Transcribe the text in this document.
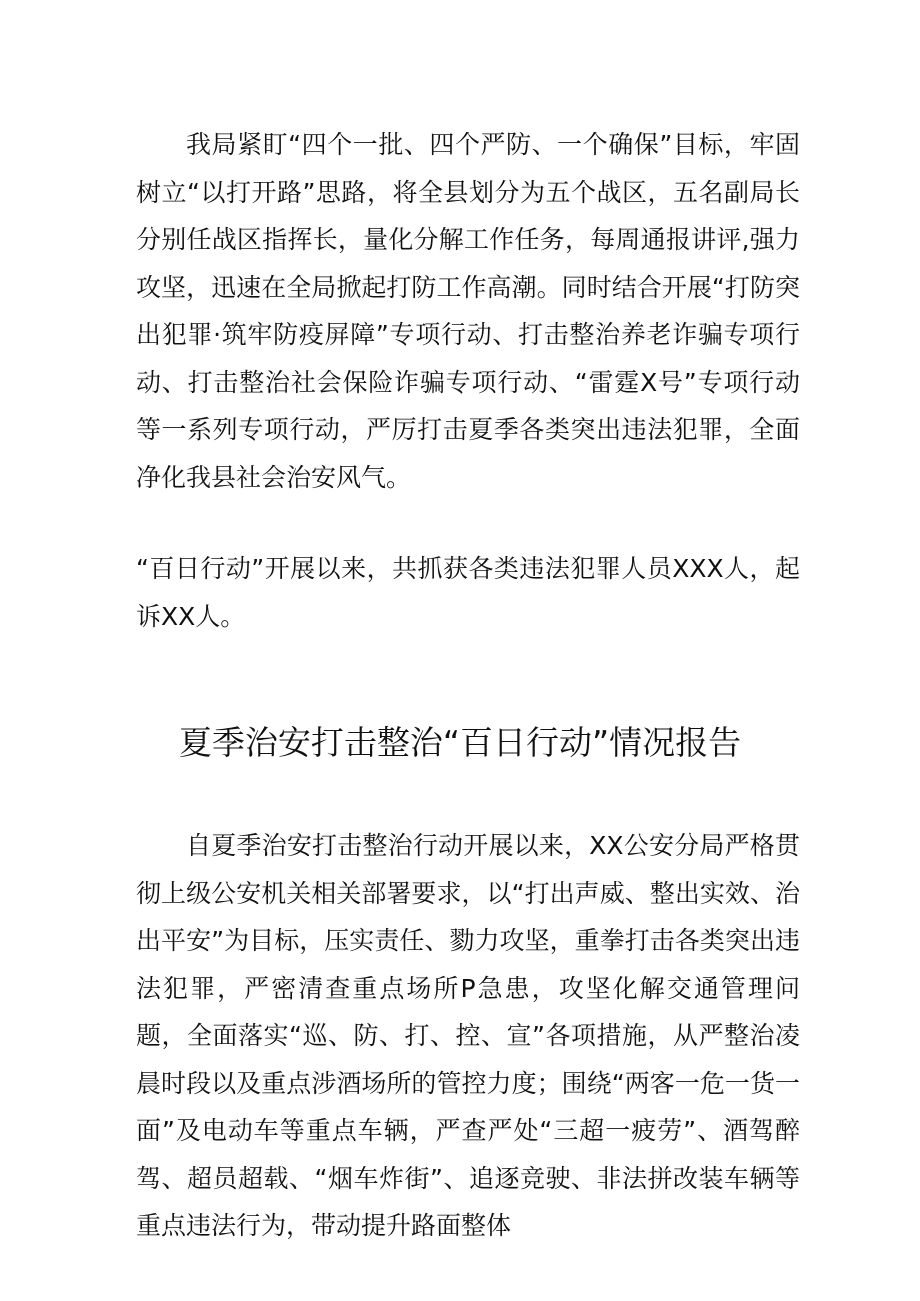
我局紧盯“四个一批、四个严防、一个确保”目标，牢固树立“以打开路”思路，将全县划分为五个战区，五名副局长分别任战区指挥长，量化分解工作任务，每周通报讲评,强力攻坚，迅速在全局掀起打防工作高潮。同时结合开展“打防突出犯罪·筑牢防疫屏障”专项行动、打击整治养老诈骗专项行动、打击整治社会保险诈骗专项行动、“雷霆X号”专项行动等一系列专项行动，严厉打击夏季各类突出违法犯罪，全面净化我县社会治安风气。

“百日行动”开展以来，共抓获各类违法犯罪人员XXX人，起诉XX人。

夏季治安打击整治“百日行动”情况报告

自夏季治安打击整治行动开展以来，XX公安分局严格贯彻上级公安机关相关部署要求，以“打出声威、整出实效、治出平安”为目标，压实责任、勠力攻坚，重拳打击各类突出违法犯罪，严密清查重点场所P急患，攻坚化解交通管理问题，全面落实“巡、防、打、控、宣”各项措施，从严整治凌晨时段以及重点涉酒场所的管控力度；围绕“两客一危一货一面”及电动车等重点车辆，严查严处“三超一疲劳”、酒驾醉驾、超员超载、“烟车炸街”、追逐竞驶、非法拼改装车辆等重点违法行为，带动提升路面整体
